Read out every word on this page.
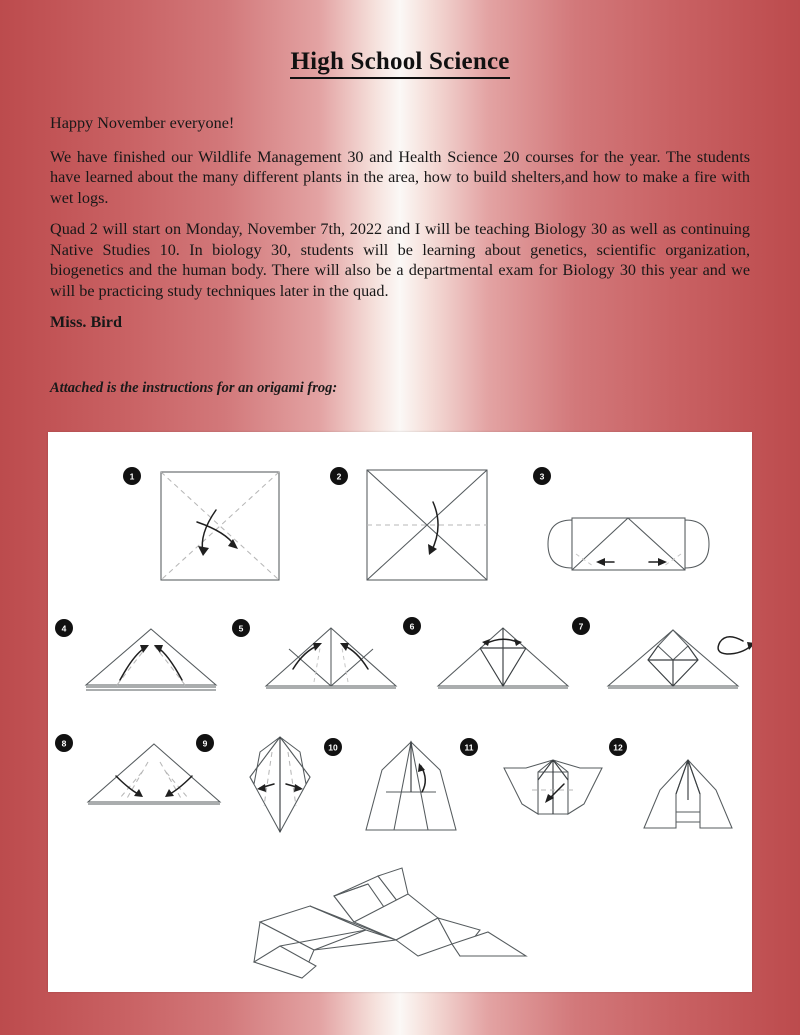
High School Science

Happy November everyone!

We have finished our Wildlife Management 30 and Health Science 20 courses for the year. The students have learned about the many different plants in the area, how to build shelters,and how to make a fire with wet logs.

Quad 2 will start on Monday, November 7th, 2022 and I will be teaching Biology 30 as well as continuing Native Studies 10. In biology 30, students will be learning about genetics, scientific organization, biogenetics and the human body. There will also be a departmental exam for Biology 30 this year and we will be practicing study techniques later in the quad.

Miss. Bird

Attached is the instructions for an origami frog:
1	2	3
4	5	6	7
8	9	10	11	12
